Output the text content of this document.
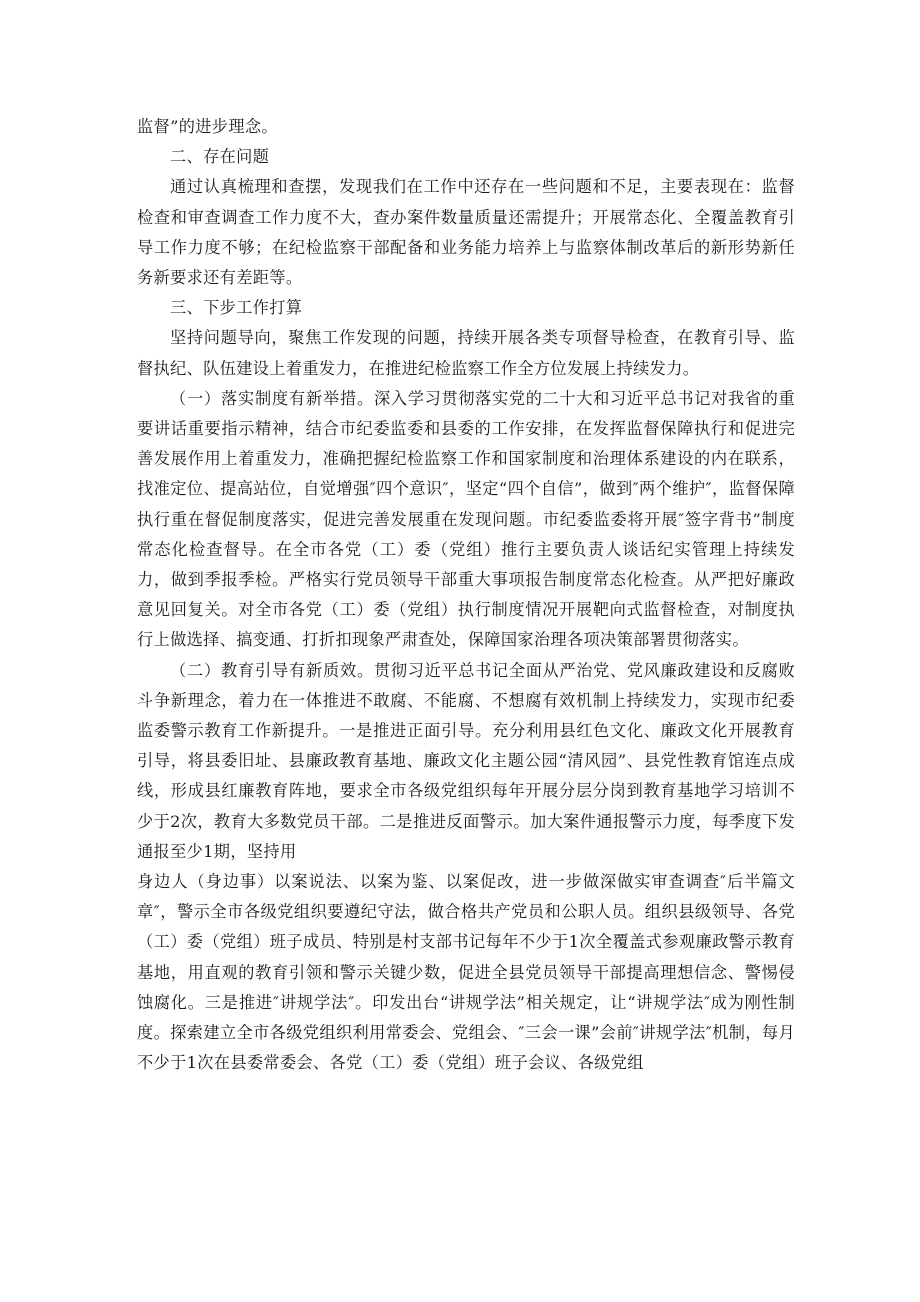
监督”的进步理念。

二、存在问题

通过认真梳理和查摆，发现我们在工作中还存在一些问题和不足，主要表现在：监督检查和审查调查工作力度不大，查办案件数量质量还需提升；开展常态化、全覆盖教育引导工作力度不够；在纪检监察干部配备和业务能力培养上与监察体制改革后的新形势新任务新要求还有差距等。

三、下步工作打算

坚持问题导向，聚焦工作发现的问题，持续开展各类专项督导检查，在教育引导、监督执纪、队伍建设上着重发力，在推进纪检监察工作全方位发展上持续发力。

（一）落实制度有新举措。深入学习贯彻落实党的二十大和习近平总书记对我省的重要讲话重要指示精神，结合市纪委监委和县委的工作安排，在发挥监督保障执行和促进完善发展作用上着重发力，准确把握纪检监察工作和国家制度和治理体系建设的内在联系，找准定位、提高站位，自觉增强″四个意识″，坚定“四个自信”，做到″两个维护″，监督保障执行重在督促制度落实，促进完善发展重在发现问题。市纪委监委将开展″签字背书”制度常态化检查督导。在全市各党（工）委（党组）推行主要负责人谈话纪实管理上持续发力，做到季报季检。严格实行党员领导干部重大事项报告制度常态化检查。从严把好廉政意见回复关。对全市各党（工）委（党组）执行制度情况开展靶向式监督检查，对制度执行上做选择、搞变通、打折扣现象严肃查处，保障国家治理各项决策部署贯彻落实。

（二）教育引导有新质效。贯彻习近平总书记全面从严治党、党风廉政建设和反腐败斗争新理念，着力在一体推进不敢腐、不能腐、不想腐有效机制上持续发力，实现市纪委监委警示教育工作新提升。一是推进正面引导。充分利用县红色文化、廉政文化开展教育引导，将县委旧址、县廉政教育基地、廉政文化主题公园“清风园”、县党性教育馆连点成线，形成县红廉教育阵地，要求全市各级党组织每年开展分层分岗到教育基地学习培训不少于2次，教育大多数党员干部。二是推进反面警示。加大案件通报警示力度，每季度下发通报至少1期，坚持用

身边人（身边事）以案说法、以案为鉴、以案促改，进一步做深做实审查调查″后半篇文章″，警示全市各级党组织要遵纪守法，做合格共产党员和公职人员。组织县级领导、各党（工）委（党组）班子成员、特别是村支部书记每年不少于1次全覆盖式参观廉政警示教育基地，用直观的教育引领和警示关键少数，促进全县党员领导干部提高理想信念、警惕侵蚀腐化。三是推进″讲规学法″。印发出台“讲规学法”相关规定，让“讲规学法″成为刚性制度。探索建立全市各级党组织利用常委会、党组会、″三会一课”会前″讲规学法″机制，每月不少于1次在县委常委会、各党（工）委（党组）班子会议、各级党组
